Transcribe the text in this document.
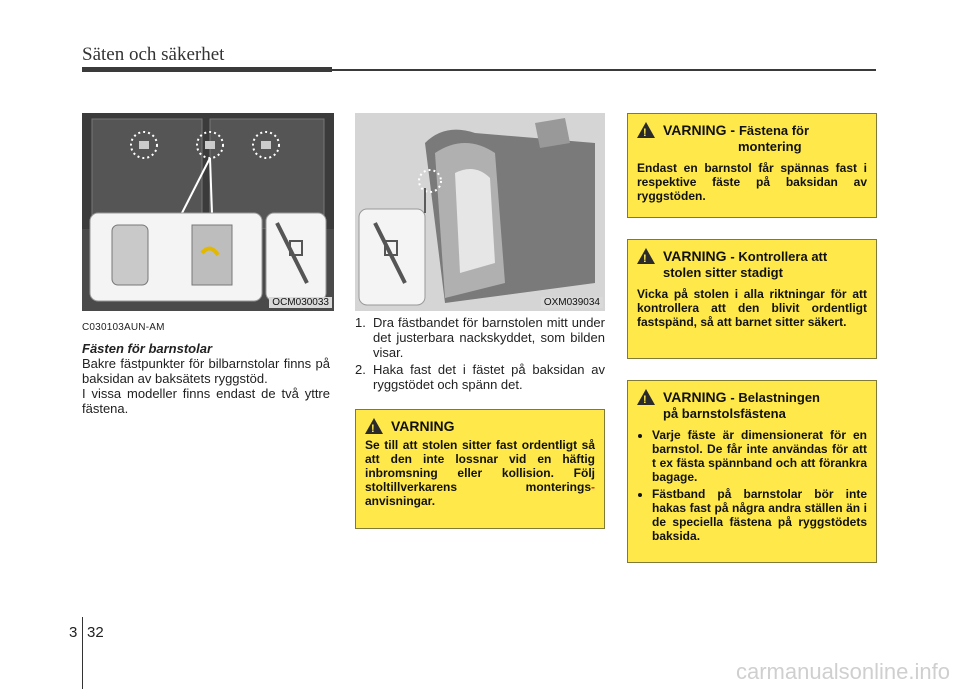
Säten och säkerhet
OCM030033	OXM039034
C030103AUN-AM
Fästen för barnstolar
Bakre fästpunkter för bilbarnstolar finns på baksidan av baksätets ryggstöd.
I vissa modeller finns endast de två yttre fästena.
1. Dra fästbandet för barnstolen mitt under det justerbara nackskyddet, som bilden visar.
2. Haka fast det i fästet på baksidan av ryggstödet och spänn det.
!
VARNING
Se till att stolen sitter fast ordentligt så att den inte lossnar vid en häftig inbromsning eller kollision. Följ stoltillverkarens monterings- anvisningar.
!
VARNING - Fästena för
montering
Endast en barnstol får spännas fast i respektive fäste på baksidan av ryggstöden.
!
VARNING - Kontrollera att
stolen sitter stadigt
Vicka på stolen i alla riktningar för att kontrollera att den blivit ordentligt fastspänd, så att barnet sitter säkert.
!
VARNING - Belastningen
på barnstolsfästena
• Varje fäste är dimensionerat för en barnstol. De får inte användas för att t ex fästa spännband och att förankra bagage.
• Fästband på barnstolar bör inte hakas fast på några andra ställen än i de speciella fästena på ryggstödets baksida.
3 32
carmanualsonline.info
